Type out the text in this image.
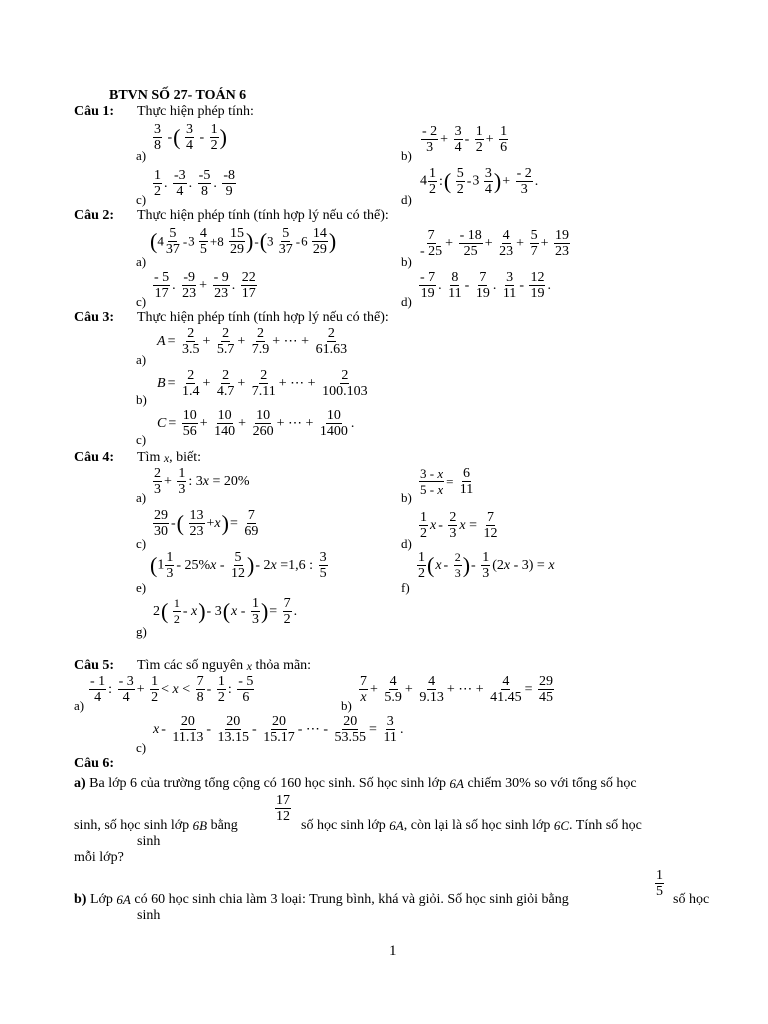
BTVN SỐ 27- TOÁN 6
Câu 1: Thực hiện phép tính:
a)
$\frac{3}{8}$ -( $\frac{3}{4} - \frac{1}{2}$ )
b)
$\frac{- 2}{3} + \frac{3}{4} - \frac{1}{2} + \frac{1}{6}$
c)
$\frac{1}{2}$ . $\frac{-3}{4}$ . $\frac{-5}{8}$ . $\frac{-8}{9}$
d)
$4 \frac{1}{2}$ :( $\frac{5}{2} -3 \frac{3}{4}$ )+ $\frac{- 2}{3}$ .
Câu 2: Thực hiện phép tính (tính hợp lý nếu có thể):
a)
$(4 \frac{5}{37} -3 \frac{4}{5} +8 \frac{15}{29} )-(3 \frac{5}{37} -6 \frac{14}{29}$ )
b)
$\frac{7}{- 25} + \frac{- 18}{25} + \frac{4}{23} + \frac{5}{7} + \frac{19}{23}$
c)
$\frac{- 5}{17}$ . $\frac{-9}{23} + \frac{- 9}{23}$ . $\frac{22}{17}$
d)
$\frac{- 7}{19}$ . $\frac{8}{11} - \frac{7}{19}$ . $\frac{3}{11} - \frac{12}{19}$ .
Câu 3: Thực hiện phép tính (tính hợp lý nếu có thể):
a)
$A = \frac{2}{3.5} + \frac{2}{5.7} + \frac{2}{7.9}$ + ⋯ + $\frac{2}{61.63}$
b)
$B = \frac{2}{1.4} + \frac{2}{4.7} + \frac{2}{7.11}$ + ⋯ + $\frac{2}{100.103}$
c)
$C = \frac{10}{56} + \frac{10}{140} + \frac{10}{260}$ + ⋯ + $\frac{10}{1400}$ .
Câu 4: Tìm x, biết:
a)
$\frac{2}{3} + \frac{1}{3}$ : 3x = 20%
b)
$\frac{3 - x}{5 - x} = \frac{6}{11}$
c)
$\frac{29}{30}$ -( $\frac{13}{23} +x)= \frac{7}{69}$
d)
$\frac{1}{2}$ x - $\frac{2}{3}$ $x = \frac{7}{12}$
e)
($1 \frac{1}{3} - 25\%x - \frac{5}{12}$ )- 2x =1,6 : $\frac{3}{5}$
f)
$\frac{1}{2} (x - \frac{2}{3}$ )- $\frac{1}{3} (2x - 3) = x$
g)
$2( \frac{1}{2} - x)-$ $3(x - \frac{1}{3}$ )= $\frac{7}{2}$ .
Câu 5: Tìm các số nguyên x thỏa mãn:
a)
$\frac{- 1}{4}$ : $\frac{- 3}{4} + \frac{1}{2} < x < \frac{7}{8} - \frac{1}{2}$ : $\frac{- 5}{6}$
b)
$\frac{7}{x} + \frac{4}{5.9} + \frac{4}{9.13}$ + ⋯ + $\frac{4}{41.45} = \frac{29}{45}$
c)
x - $\frac{20}{11.13} - \frac{20}{13.15} - \frac{20}{15.17}$ - ⋯ - $\frac{20}{53.55} = \frac{3}{11}$ .
Câu 6:
a) Ba lớp 6 của trường tổng cộng có 160 học sinh. Số học sinh lớp 6A chiếm 30% so với tổng số học
$\frac{17}{12}$
sinh, số học sinh lớp 6B bằng	số học sinh lớp 6A, còn lại là số học sinh lớp 6C. Tính số học
sinh
mỗi lớp?
$\frac{1}{5}$
b) Lớp 6A có 60 học sinh chia làm 3 loại: Trung bình, khá và giỏi. Số học sinh giỏi bằng	số học
sinh
1
